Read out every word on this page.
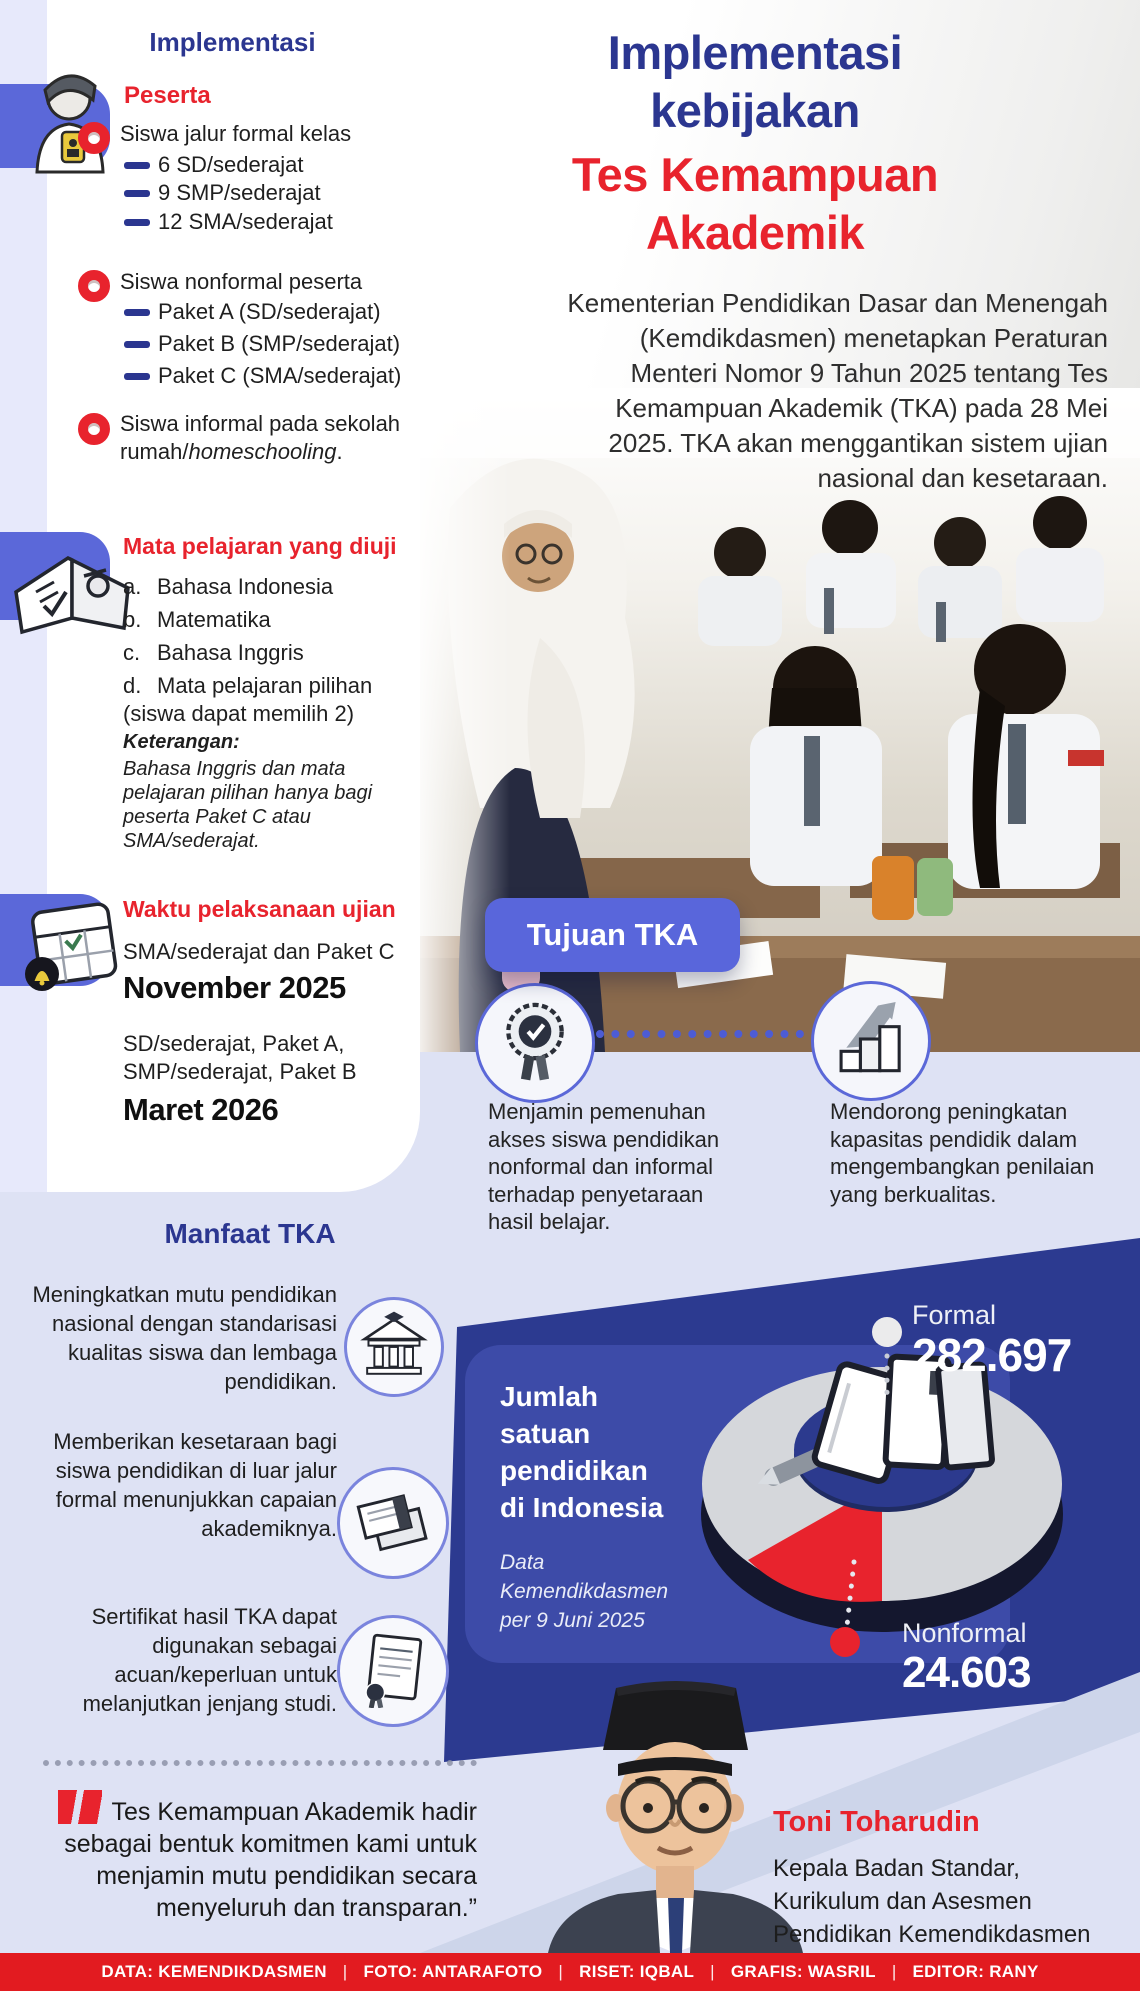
Implementasi
Peserta
Siswa jalur formal kelas
6 SD/sederajat
9 SMP/sederajat
12 SMA/sederajat
Siswa nonformal peserta
Paket A (SD/sederajat)
Paket B (SMP/sederajat)
Paket C (SMA/sederajat)
Siswa informal pada sekolah rumah/homeschooling.
Mata pelajaran yang diuji
a. Bahasa Indonesia
b. Matematika
c. Bahasa Inggris
d. Mata pelajaran pilihan (siswa dapat memilih 2)
Keterangan:
Bahasa Inggris dan mata pelajaran pilihan hanya bagi peserta Paket C atau SMA/sederajat.
Waktu pelaksanaan ujian
SMA/sederajat dan Paket C
November 2025
SD/sederajat, Paket A, SMP/sederajat, Paket B
Maret 2026
Implementasi kebijakan
Tes Kemampuan Akademik
Kementerian Pendidikan Dasar dan Menengah (Kemdikdasmen) menetapkan Peraturan Menteri Nomor 9 Tahun 2025 tentang Tes Kemampuan Akademik (TKA) pada 28 Mei 2025. TKA akan menggantikan sistem ujian nasional dan kesetaraan.
Tujuan TKA
Menjamin pemenuhan akses siswa pendidikan nonformal dan informal terhadap penyetaraan hasil belajar.
Mendorong peningkatan kapasitas pendidik dalam mengembangkan penilaian yang berkualitas.
Manfaat TKA
Meningkatkan mutu pendidikan nasional dengan standarisasi kualitas siswa dan lembaga pendidikan.
Memberikan kesetaraan bagi siswa pendidikan di luar jalur formal menunjukkan capaian akademiknya.
Sertifikat hasil TKA dapat digunakan sebagai acuan/keperluan untuk melanjutkan jenjang studi.
Jumlah satuan pendidikan di Indonesia
Data Kemendikdasmen per 9 Juni 2025
Formal
282.697
Nonformal
24.603
Tes Kemampuan Akademik hadir sebagai bentuk komitmen kami untuk menjamin mutu pendidikan secara menyeluruh dan transparan.”
Toni Toharudin
Kepala Badan Standar, Kurikulum dan Asesmen Pendidikan Kemendikdasmen
DATA: KEMENDIKDASMEN | FOTO: ANTARAFOTO | RISET: IQBAL | GRAFIS: WASRIL | EDITOR: RANY
